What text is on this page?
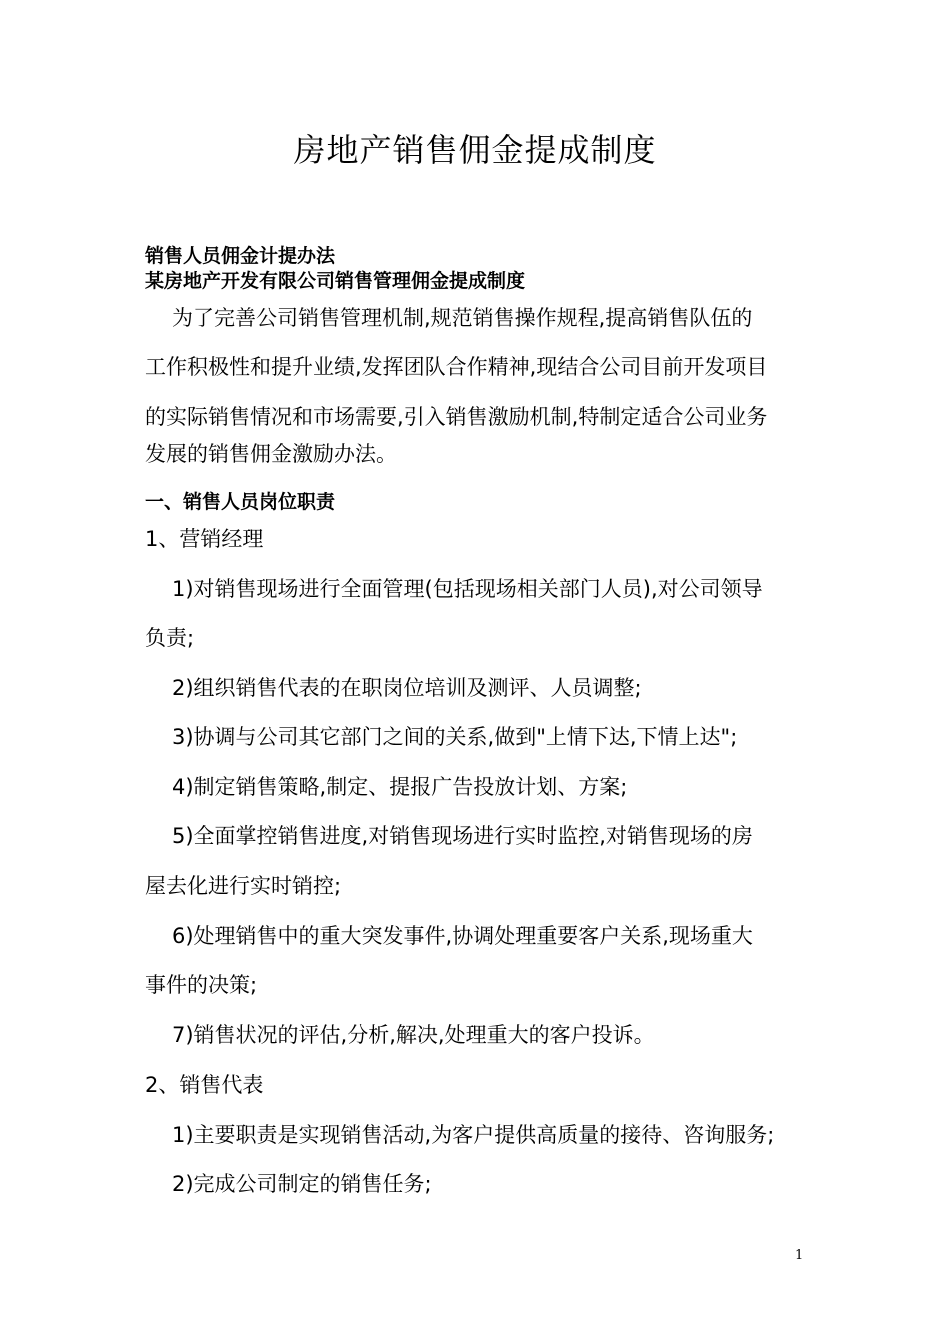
房地产销售佣金提成制度
销售人员佣金计提办法
某房地产开发有限公司销售管理佣金提成制度
为了完善公司销售管理机制,规范销售操作规程,提高销售队伍的
工作积极性和提升业绩,发挥团队合作精神,现结合公司目前开发项目
的实际销售情况和市场需要,引入销售激励机制,特制定适合公司业务
发展的销售佣金激励办法。
一、销售人员岗位职责
1、营销经理
1)对销售现场进行全面管理(包括现场相关部门人员),对公司领导
负责;
2)组织销售代表的在职岗位培训及测评、人员调整;
3)协调与公司其它部门之间的关系,做到"上情下达,下情上达";
4)制定销售策略,制定、提报广告投放计划、方案;
5)全面掌控销售进度,对销售现场进行实时监控,对销售现场的房
屋去化进行实时销控;
6)处理销售中的重大突发事件,协调处理重要客户关系,现场重大
事件的决策;
7)销售状况的评估,分析,解决,处理重大的客户投诉。
2、销售代表
1)主要职责是实现销售活动,为客户提供高质量的接待、咨询服务;
2)完成公司制定的销售任务;
1
